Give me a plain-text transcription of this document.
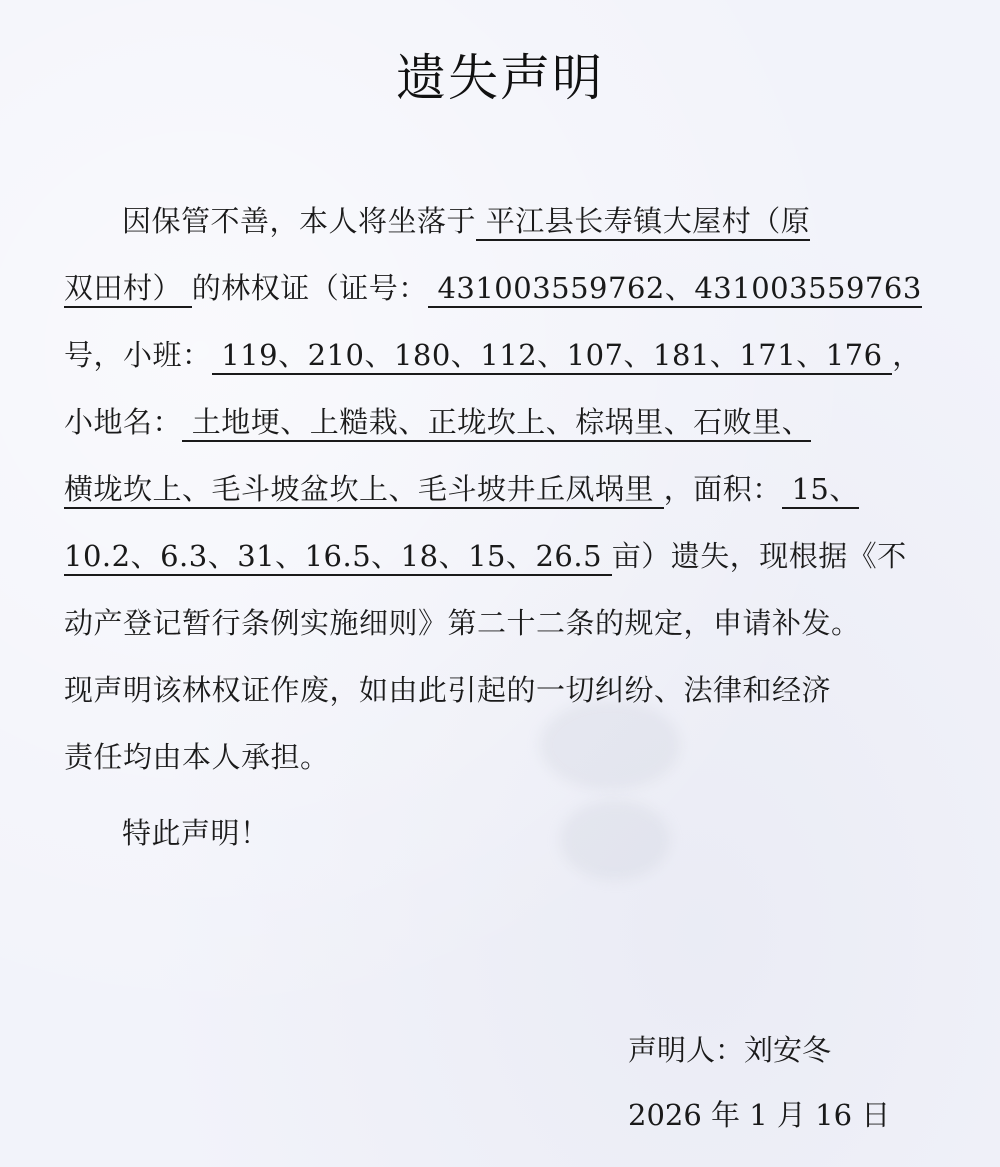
遗失声明
因保管不善，本人将坐落于 平江县长寿镇大屋村（原
双田村） 的林权证（证号： 431003559762、431003559763
号，小班： 119、210、180、112、107、181、171、176 ，
小地名： 土地埂、上糙栽、正垅坎上、棕埚里、石败里、
横垅坎上、毛斗坡盆坎上、毛斗坡井丘凤埚里 ，面积： 15、
10.2、6.3、31、16.5、18、15、26.5 亩）遗失，现根据《不
动产登记暂行条例实施细则》第二十二条的规定，申请补发。
现声明该林权证作废，如由此引起的一切纠纷、法律和经济
责任均由本人承担。
特此声明！
声明人：刘安冬
2026 年 1 月 16 日
